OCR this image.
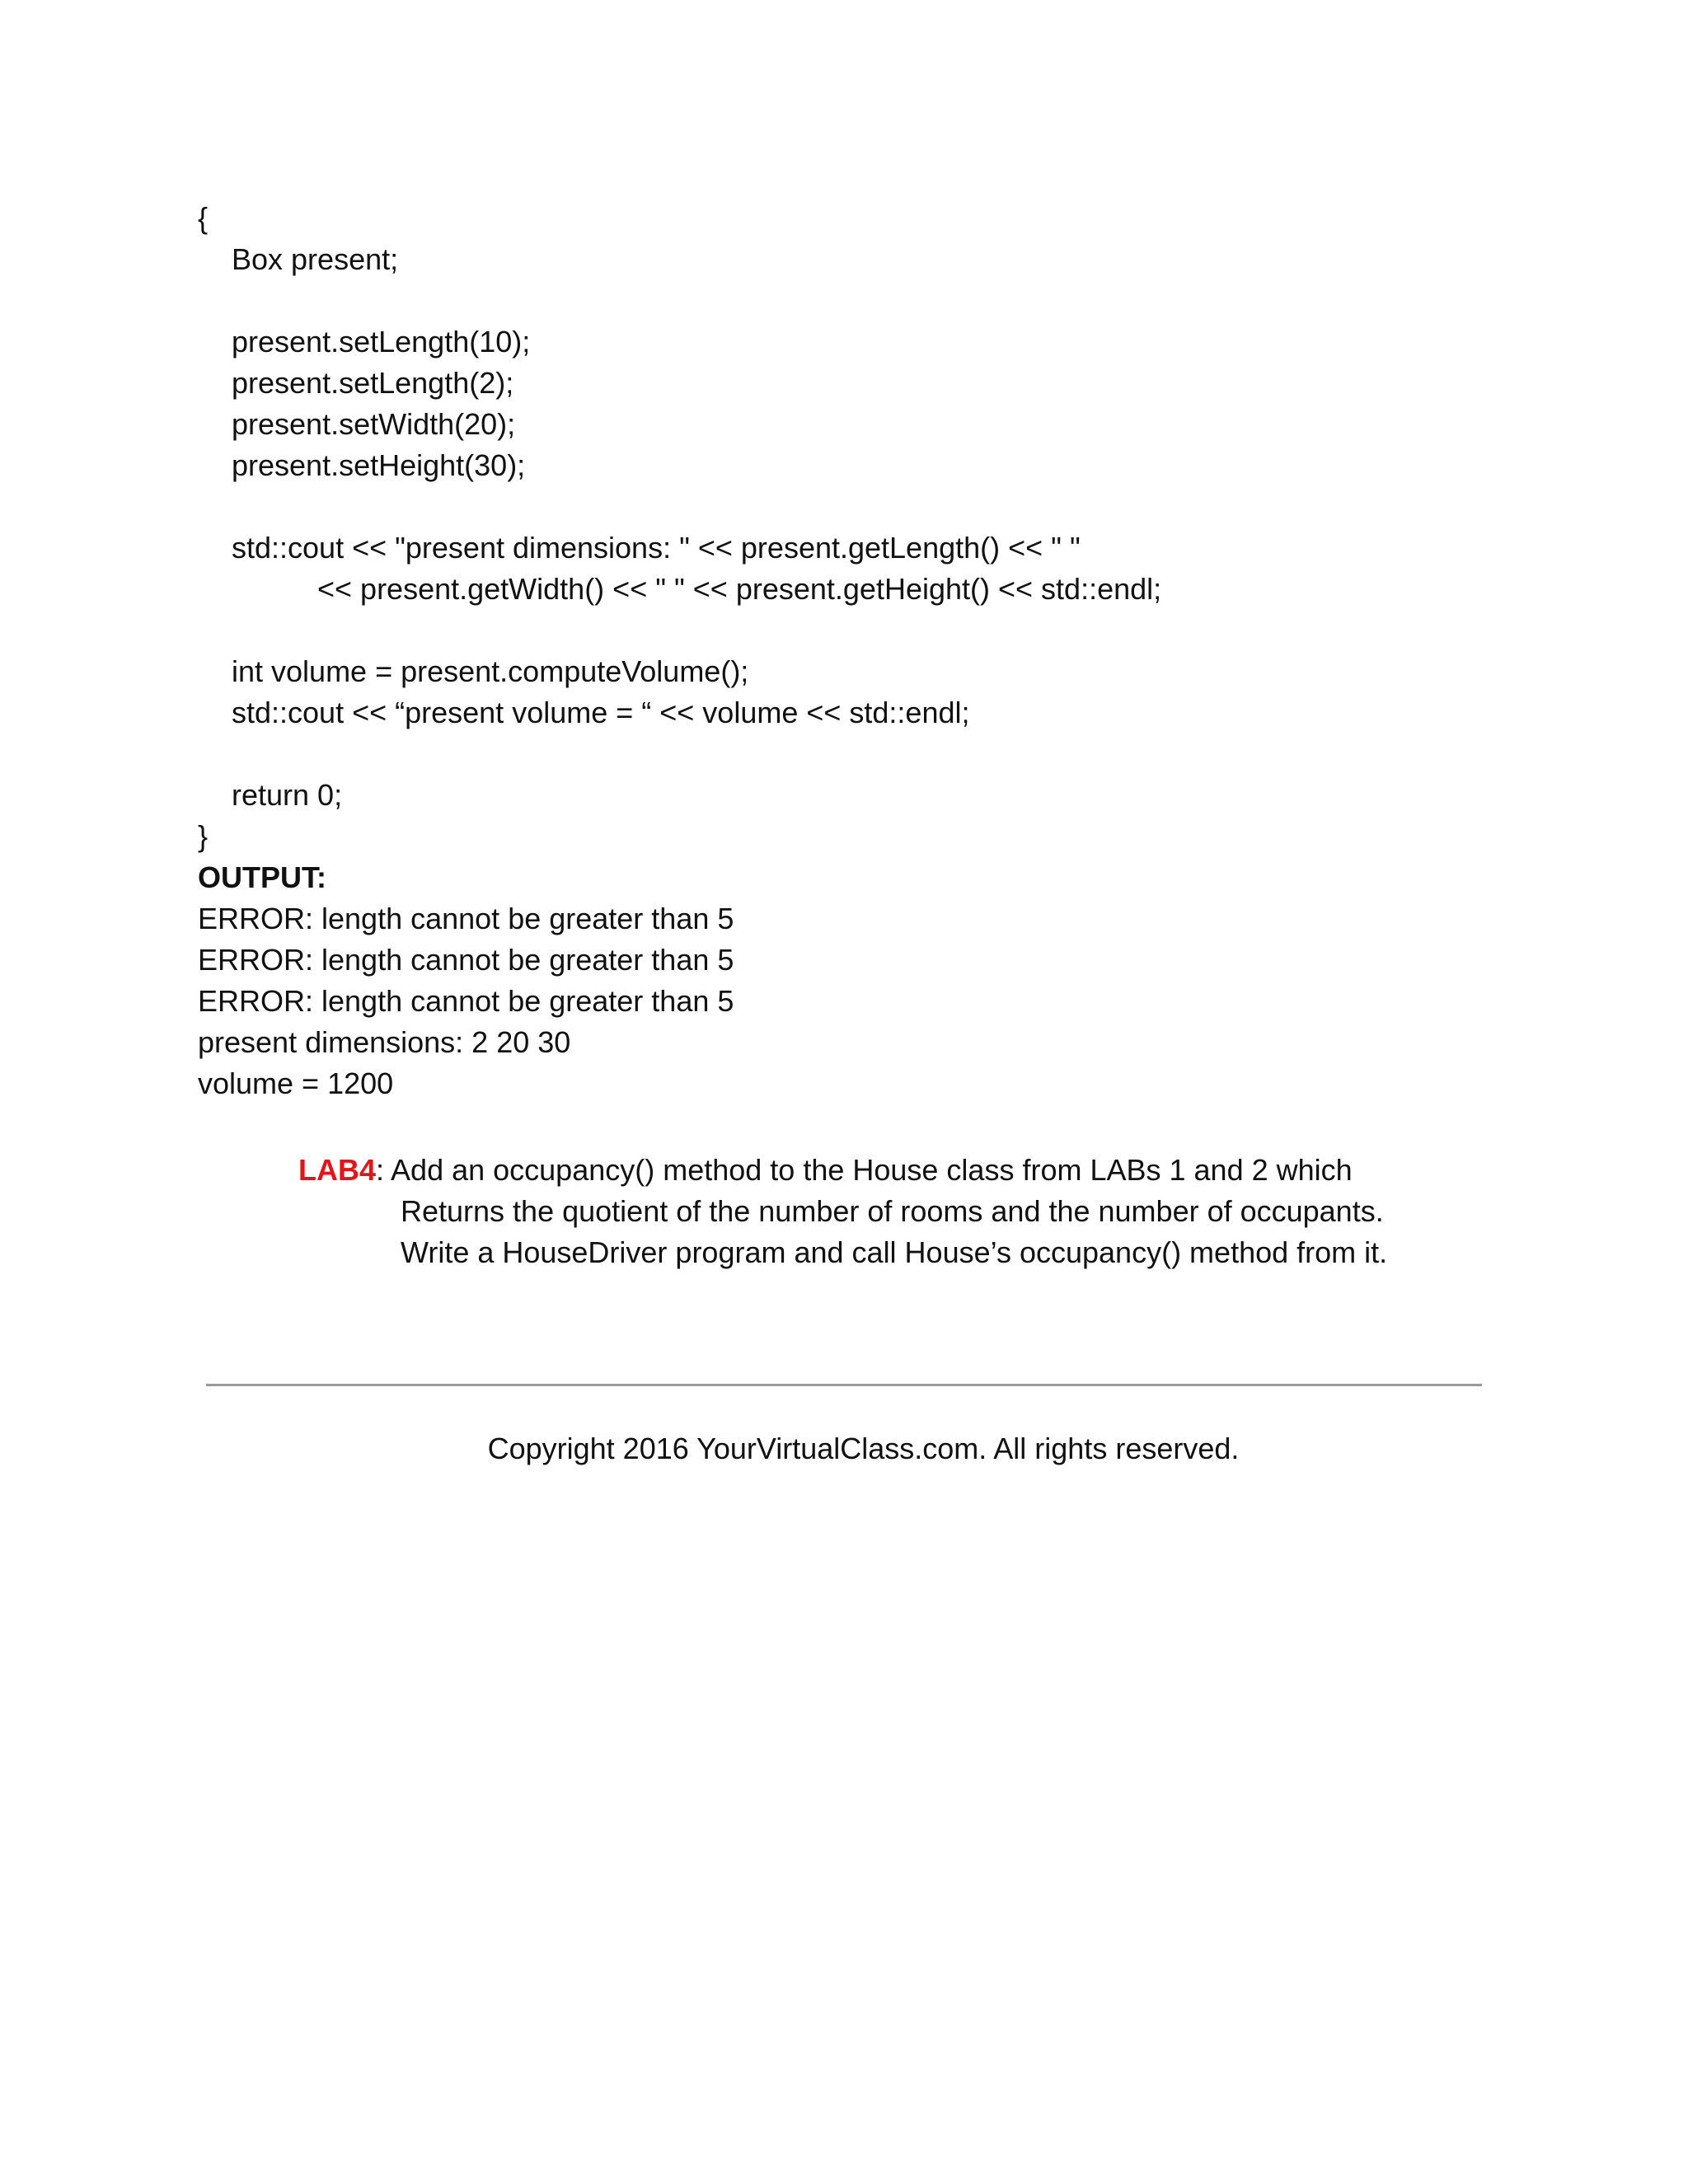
{

Box present;

present.setLength(10);

present.setLength(2);

present.setWidth(20);

present.setHeight(30);

std::cout << "present dimensions: " << present.getLength() << " "

<< present.getWidth() << " " << present.getHeight() << std::endl;

int volume = present.computeVolume();

std::cout << “present volume = “ << volume << std::endl;

return 0;

}

OUTPUT:

ERROR: length cannot be greater than 5

ERROR: length cannot be greater than 5

ERROR: length cannot be greater than 5

present dimensions: 2 20 30

volume = 1200

LAB4: Add an occupancy() method to the House class from LABs 1 and 2 which

Returns the quotient of the number of rooms and the number of occupants.

Write a HouseDriver program and call House’s occupancy() method from it.

Copyright 2016 YourVirtualClass.com. All rights reserved.
